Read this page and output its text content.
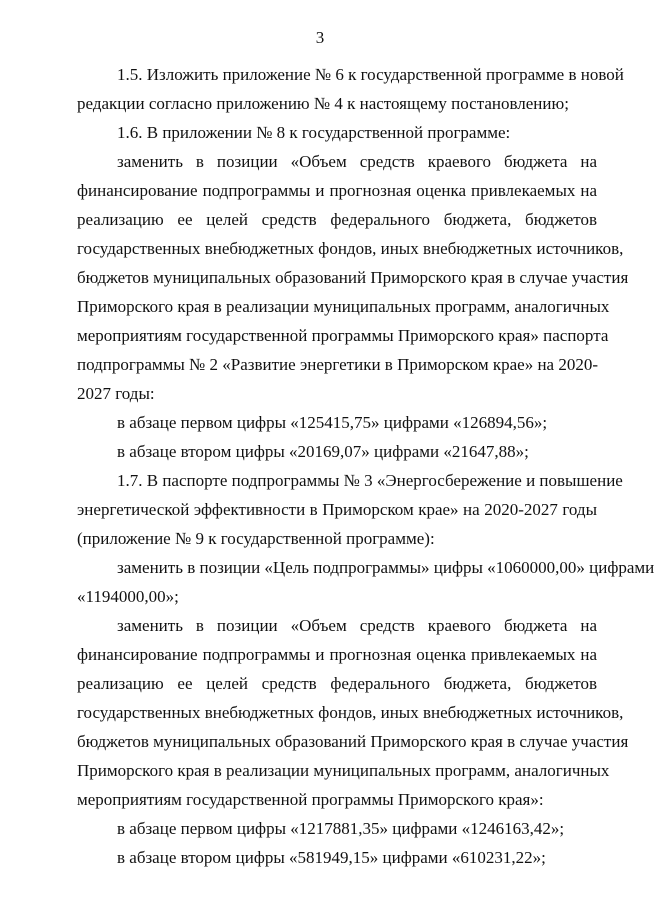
3
1.5. Изложить приложение № 6 к государственной программе в новой
редакции согласно приложению № 4 к настоящему постановлению;
1.6. В приложении № 8 к государственной программе:
заменить в позиции «Объем средств краевого бюджета на
финансирование подпрограммы и прогнозная оценка привлекаемых на
реализацию ее целей средств федерального бюджета, бюджетов
государственных внебюджетных фондов, иных внебюджетных источников,
бюджетов муниципальных образований Приморского края в случае участия
Приморского края в реализации муниципальных программ, аналогичных
мероприятиям государственной программы Приморского края» паспорта
подпрограммы № 2 «Развитие энергетики в Приморском крае» на 2020-
2027 годы:
в абзаце первом цифры «125415,75» цифрами «126894,56»;
в абзаце втором цифры «20169,07» цифрами «21647,88»;
1.7. В паспорте подпрограммы № 3 «Энергосбережение и повышение
энергетической эффективности в Приморском крае» на 2020-2027 годы
(приложение № 9 к государственной программе):
заменить в позиции «Цель подпрограммы» цифры «1060000,00» цифрами
«1194000,00»;
заменить в позиции «Объем средств краевого бюджета на
финансирование подпрограммы и прогнозная оценка привлекаемых на
реализацию ее целей средств федерального бюджета, бюджетов
государственных внебюджетных фондов, иных внебюджетных источников,
бюджетов муниципальных образований Приморского края в случае участия
Приморского края в реализации муниципальных программ, аналогичных
мероприятиям государственной программы Приморского края»:
в абзаце первом цифры «1217881,35» цифрами «1246163,42»;
в абзаце втором цифры «581949,15» цифрами «610231,22»;
